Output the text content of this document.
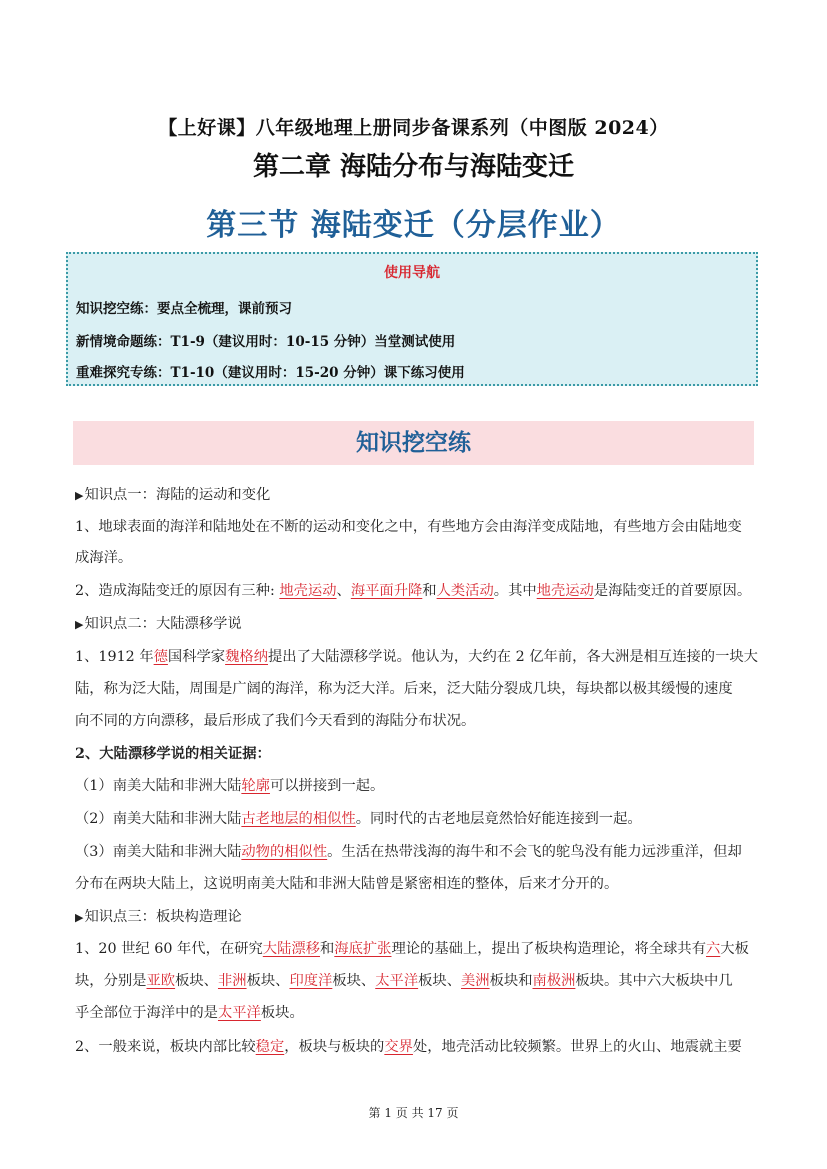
【上好课】八年级地理上册同步备课系列（中图版 2024）
第二章 海陆分布与海陆变迁
第三节 海陆变迁（分层作业）
使用导航
知识挖空练：要点全梳理，课前预习
新情境命题练：T1-9（建议用时：10-15 分钟）当堂测试使用
重难探究专练：T1-10（建议用时：15-20 分钟）课下练习使用
知识挖空练
▶知识点一：海陆的运动和变化
1、地球表面的海洋和陆地处在不断的运动和变化之中，有些地方会由海洋变成陆地，有些地方会由陆地变
成海洋。
2、造成海陆变迁的原因有三种: 地壳运动、海平面升降和人类活动。其中地壳运动是海陆变迁的首要原因。
▶知识点二：大陆漂移学说
1、1912 年德国科学家魏格纳提出了大陆漂移学说。他认为，大约在 2 亿年前，各大洲是相互连接的一块大
陆，称为泛大陆，周围是广阔的海洋，称为泛大洋。后来，泛大陆分裂成几块，每块都以极其缓慢的速度
向不同的方向漂移，最后形成了我们今天看到的海陆分布状况。
2、大陆漂移学说的相关证据：
（1）南美大陆和非洲大陆轮廓可以拼接到一起。
（2）南美大陆和非洲大陆古老地层的相似性。同时代的古老地层竟然恰好能连接到一起。
（3）南美大陆和非洲大陆动物的相似性。生活在热带浅海的海牛和不会飞的鸵鸟没有能力远涉重洋，但却
分布在两块大陆上，这说明南美大陆和非洲大陆曾是紧密相连的整体，后来才分开的。
▶知识点三：板块构造理论
1、20 世纪 60 年代，在研究大陆漂移和海底扩张理论的基础上，提出了板块构造理论，将全球共有六大板
块，分别是亚欧板块、非洲板块、印度洋板块、太平洋板块、美洲板块和南极洲板块。其中六大板块中几
乎全部位于海洋中的是太平洋板块。
2、一般来说，板块内部比较稳定，板块与板块的交界处，地壳活动比较频繁。世界上的火山、地震就主要
第 1 页 共 17 页
